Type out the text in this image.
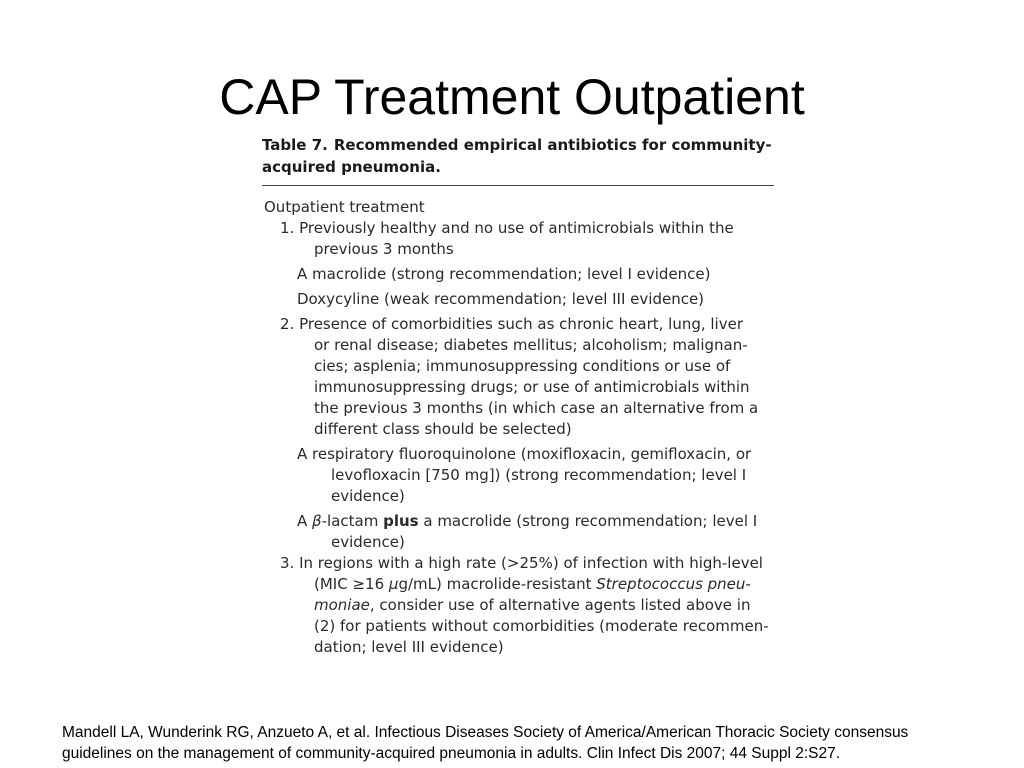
CAP Treatment Outpatient
Table 7. Recommended empirical antibiotics for community-
acquired pneumonia.
Outpatient treatment
1. Previously healthy and no use of antimicrobials within the
previous 3 months
A macrolide (strong recommendation; level I evidence)
Doxycyline (weak recommendation; level III evidence)
2. Presence of comorbidities such as chronic heart, lung, liver
or renal disease; diabetes mellitus; alcoholism; malignan-
cies; asplenia; immunosuppressing conditions or use of
immunosuppressing drugs; or use of antimicrobials within
the previous 3 months (in which case an alternative from a
different class should be selected)
A respiratory fluoroquinolone (moxifloxacin, gemifloxacin, or
levofloxacin [750 mg]) (strong recommendation; level I
evidence)
A β-lactam plus a macrolide (strong recommendation; level I
evidence)
3. In regions with a high rate (>25%) of infection with high-level
(MIC ≥16 μg/mL) macrolide-resistant Streptococcus pneu-
moniae, consider use of alternative agents listed above in
(2) for patients without comorbidities (moderate recommen-
dation; level III evidence)
Mandell LA, Wunderink RG, Anzueto A, et al. Infectious Diseases Society of America/American Thoracic Society consensus
guidelines on the management of community-acquired pneumonia in adults. Clin Infect Dis 2007; 44 Suppl 2:S27.
